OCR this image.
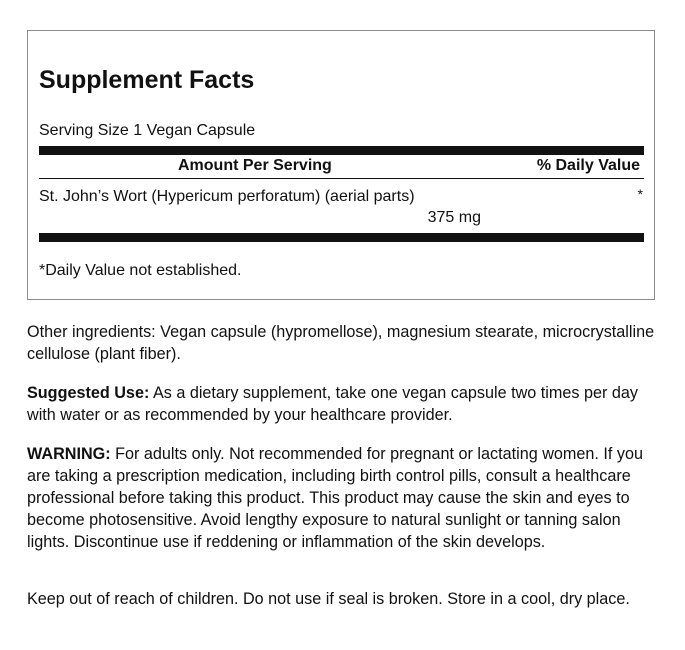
Supplement Facts
Serving Size 1 Vegan Capsule
Amount Per Serving	% Daily Value
St. John’s Wort (Hypericum perforatum) (aerial parts)
375 mg
*
*Daily Value not established.

Other ingredients: Vegan capsule (hypromellose), magnesium stearate, microcrystalline cellulose (plant fiber).

Suggested Use: As a dietary supplement, take one vegan capsule two times per day with water or as recommended by your healthcare provider.

WARNING: For adults only. Not recommended for pregnant or lactating women. If you are taking a prescription medication, including birth control pills, consult a healthcare professional before taking this product. This product may cause the skin and eyes to become photosensitive. Avoid lengthy exposure to natural sunlight or tanning salon lights. Discontinue use if reddening or inflammation of the skin develops.

Keep out of reach of children. Do not use if seal is broken. Store in a cool, dry place.
